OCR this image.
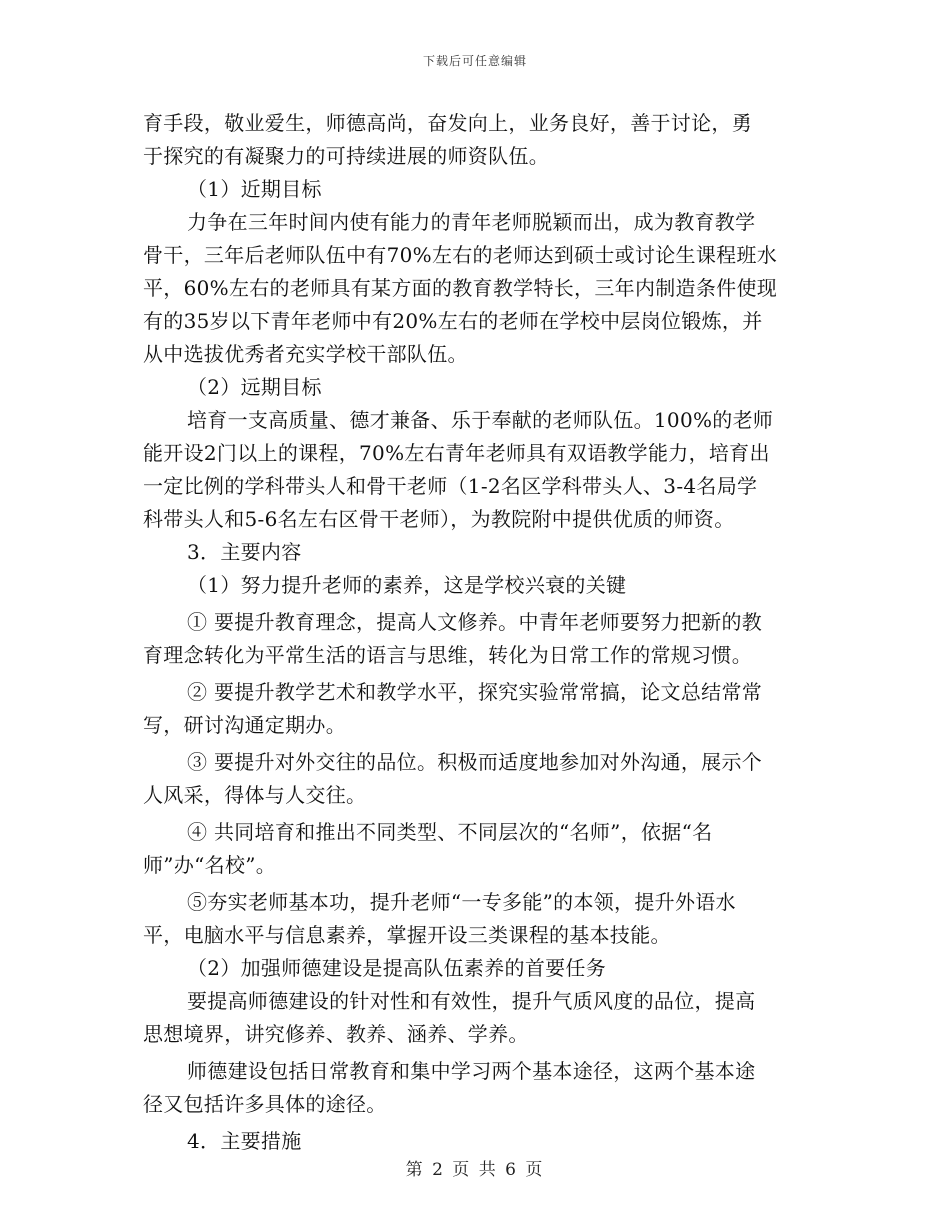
下载后可任意编辑
育手段，敬业爱生，师德高尚，奋发向上，业务良好，善于讨论，勇
于探究的有凝聚力的可持续进展的师资队伍。
（1）近期目标
力争在三年时间内使有能力的青年老师脱颖而出，成为教育教学
骨干，三年后老师队伍中有70%左右的老师达到硕士或讨论生课程班水
平，60%左右的老师具有某方面的教育教学特长，三年内制造条件使现
有的35岁以下青年老师中有20%左右的老师在学校中层岗位锻炼，并
从中选拔优秀者充实学校干部队伍。
（2）远期目标
培育一支高质量、德才兼备、乐于奉献的老师队伍。100%的老师
能开设2门以上的课程，70%左右青年老师具有双语教学能力，培育出
一定比例的学科带头人和骨干老师（1-2名区学科带头人、3-4名局学
科带头人和5-6名左右区骨干老师），为教院附中提供优质的师资。
3．主要内容
（1）努力提升老师的素养，这是学校兴衰的关键
① 要提升教育理念，提高人文修养。中青年老师要努力把新的教
育理念转化为平常生活的语言与思维，转化为日常工作的常规习惯。
② 要提升教学艺术和教学水平，探究实验常常搞，论文总结常常
写，研讨沟通定期办。
③ 要提升对外交往的品位。积极而适度地参加对外沟通，展示个
人风采，得体与人交往。
④ 共同培育和推出不同类型、不同层次的“名师”，依据“名
师”办“名校”。
⑤夯实老师基本功，提升老师“一专多能”的本领，提升外语水
平，电脑水平与信息素养，掌握开设三类课程的基本技能。
（2）加强师德建设是提高队伍素养的首要任务
要提高师德建设的针对性和有效性，提升气质风度的品位，提高
思想境界，讲究修养、教养、涵养、学养。
师德建设包括日常教育和集中学习两个基本途径，这两个基本途
径又包括许多具体的途径。
4．主要措施
第 2 页 共 6 页
